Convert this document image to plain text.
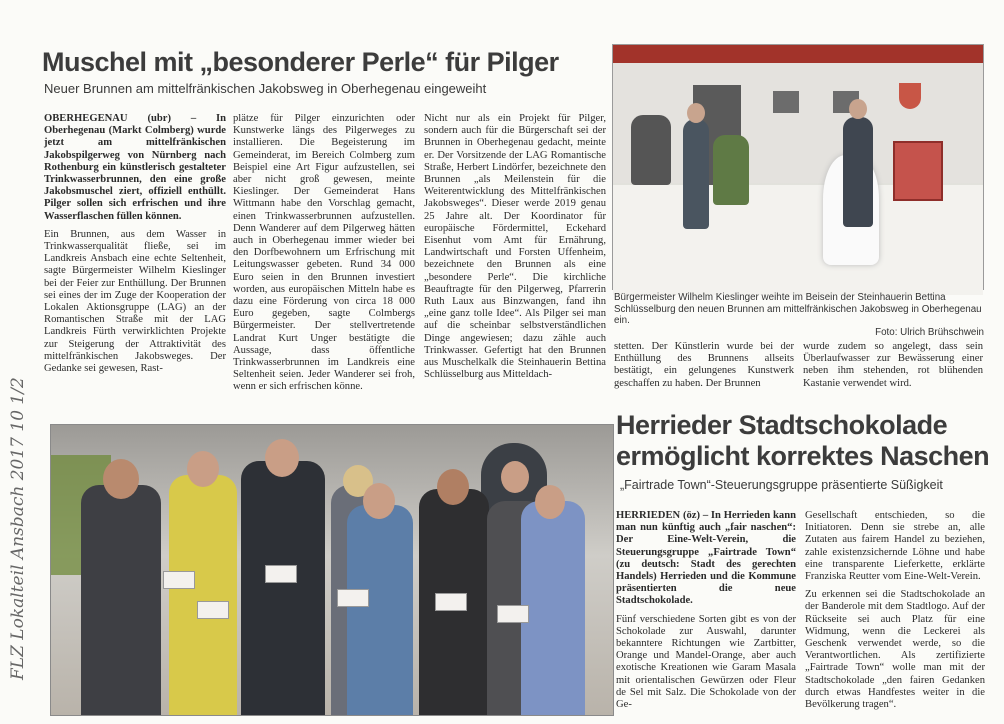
FLZ Lokalteil Ansbach 2017 10 1/2
Muschel mit „besonderer Perle“ für Pilger
Neuer Brunnen am mittelfränkischen Jakobsweg in Oberhegenau eingeweiht

OBERHEGENAU (ubr) – In Oberhegenau (Markt Colmberg) wurde jetzt am mittelfränkischen Jakobspilgerweg von Nürnberg nach Rothenburg ein künstlerisch gestalteter Trinkwasserbrunnen, den eine große Jakobsmuschel ziert, offiziell enthüllt. Pilger sollen sich erfrischen und ihre Wasserflaschen füllen können.

Ein Brunnen, aus dem Wasser in Trinkwasserqualität fließe, sei im Landkreis Ansbach eine echte Seltenheit, sagte Bürgermeister Wilhelm Kieslinger bei der Feier zur Enthüllung. Der Brunnen sei eines der im Zuge der Kooperation der Lokalen Aktionsgruppe (LAG) an der Romantischen Straße mit der LAG Landkreis Fürth verwirklichten Projekte zur Steigerung der Attraktivität des mittelfränkischen Jakobsweges. Der Gedanke sei gewesen, Rast-

plätze für Pilger einzurichten oder Kunstwerke längs des Pilgerweges zu installieren. Die Begeisterung im Gemeinderat, im Bereich Colmberg zum Beispiel eine Art Figur aufzustellen, sei aber nicht groß gewesen, meinte Kieslinger. Der Gemeinderat Hans Wittmann habe den Vorschlag gemacht, einen Trinkwasserbrunnen aufzustellen. Denn Wanderer auf dem Pilgerweg hätten auch in Oberhegenau immer wieder bei den Dorfbewohnern um Erfrischung mit Leitungswasser gebeten. Rund 34 000 Euro seien in den Brunnen investiert worden, aus europäischen Mitteln habe es dazu eine Förderung von circa 18 000 Euro gegeben, sagte Colmbergs Bürgermeister. Der stellvertretende Landrat Kurt Unger bestätigte die Aussage, dass öffentliche Trinkwasserbrunnen im Landkreis eine Seltenheit seien. Jeder Wanderer sei froh, wenn er sich erfrischen könne.

Nicht nur als ein Projekt für Pilger, sondern auch für die Bürgerschaft sei der Brunnen in Oberhegenau gedacht, meinte er. Der Vorsitzende der LAG Romantische Straße, Herbert Lindörfer, bezeichnete den Brunnen „als Meilenstein für die Weiterentwicklung des Mittelfränkischen Jakobsweges“. Dieser werde 2019 genau 25 Jahre alt. Der Koordinator für europäische Fördermittel, Eckehard Eisenhut vom Amt für Ernährung, Landwirtschaft und Forsten Uffenheim, bezeichnete den Brunnen als eine „besondere Perle“. Die kirchliche Beauftragte für den Pilgerweg, Pfarrerin Ruth Laux aus Binzwangen, fand ihn „eine ganz tolle Idee“. Als Pilger sei man auf die scheinbar selbstverständlichen Dinge angewiesen; dazu zähle auch Trinkwasser. Gefertigt hat den Brunnen aus Muschelkalk die Steinhauerin Bettina Schlüsselburg aus Mitteldach-

Bürgermeister Wilhelm Kieslinger weihte im Beisein der Steinhauerin Bettina Schlüsselburg den neuen Brunnen am mittelfränkischen Jakobsweg in Oberhegenau ein.
Foto: Ulrich Brühschwein

stetten. Der Künstlerin wurde bei der Enthüllung des Brunnens allseits bestätigt, ein gelungenes Kunstwerk geschaffen zu haben. Der Brunnen

wurde zudem so angelegt, dass sein Überlaufwasser zur Bewässerung einer neben ihm stehenden, rot blühenden Kastanie verwendet wird.

Herrieder Stadtschokolade
ermöglicht korrektes Naschen
„Fairtrade Town“-Steuerungsgruppe präsentierte Süßigkeit

HERRIEDEN (öz) – In Herrieden kann man nun künftig auch „fair naschen“: Der Eine-Welt-Verein, die Steuerungsgruppe „Fairtrade Town“ (zu deutsch: Stadt des gerechten Handels) Herrieden und die Kommune präsentierten die neue Stadtschokolade.

Fünf verschiedene Sorten gibt es von der Schokolade zur Auswahl, darunter bekanntere Richtungen wie Zartbitter, Orange und Mandel-Orange, aber auch exotische Kreationen wie Garam Masala mit orientalischen Gewürzen oder Fleur de Sel mit Salz. Die Schokolade von der Ge-

Gesellschaft entschieden, so die Initiatoren. Denn sie strebe an, alle Zutaten aus fairem Handel zu beziehen, zahle existenzsichernde Löhne und habe eine transparente Lieferkette, erklärte Franziska Reutter vom Eine-Welt-Verein.

Zu erkennen sei die Stadtschokolade an der Banderole mit dem Stadtlogo. Auf der Rückseite sei auch Platz für eine Widmung, wenn die Leckerei als Geschenk verwendet werde, so die Verantwortlichen. Als zertifizierte „Fairtrade Town“ wolle man mit der Stadtschokolade „den fairen Gedanken durch etwas Handfestes weiter in die Bevölkerung tragen“.
